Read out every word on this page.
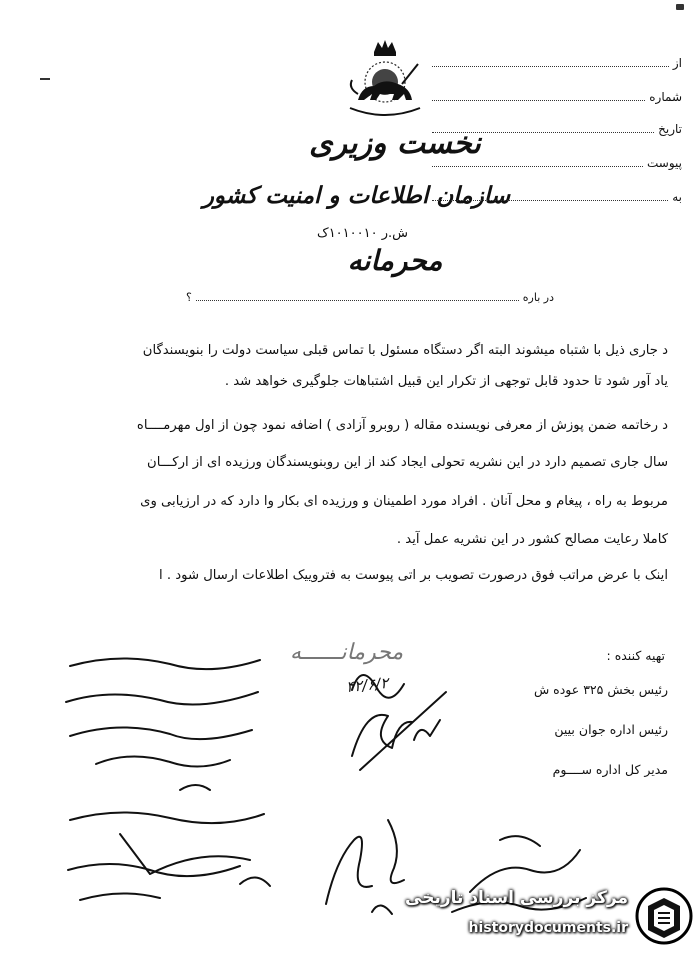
نخست وزیری
سازمان اطلاعات و امنیت کشور
ش.ر ۱۰۱۰۰۱۰ک
محرمانه
از
شماره
تاریخ
پیوست
به
در باره
؟
د جاری ذیل با شتباه میشوند البته اگر دستگاه مسئول با تماس قبلی سیاست دولت را بنویسندگان
یاد آور شود تا حدود قابل توجهی از تکرار این قبیل اشتباهات جلوگیری خواهد شد .
د رخاتمه ضمن پوزش از معرفی نویسنده مقاله ( روبرو آزادی ) اضافه نمود چون از اول مهرمــــاه
سال جاری تصمیم دارد در این نشریه تحولی ایجاد کند از این روبنویسندگان ورزیده ای از ارکـــان
مربوط به راه ، پیغام و محل آنان . افراد مورد اطمینان و ورزیده ای بکار وا دارد که در ارزیابی وی
کاملا رعایت مصالح کشور در این نشریه عمل آید .
اینک با عرض مراتب فوق درصورت تصویب بر اتی پیوست به فتروییک اطلاعات ارسال شود . ا
محرمانــــــه
۴۲/۶/۲
تهیه کننده :
رئیس بخش ۳۲۵ عوده ش
رئیس اداره جوان بیین
مدیر کل اداره ســــوم
مرکز بررسی اسناد تاریخی
historydocuments.ir
